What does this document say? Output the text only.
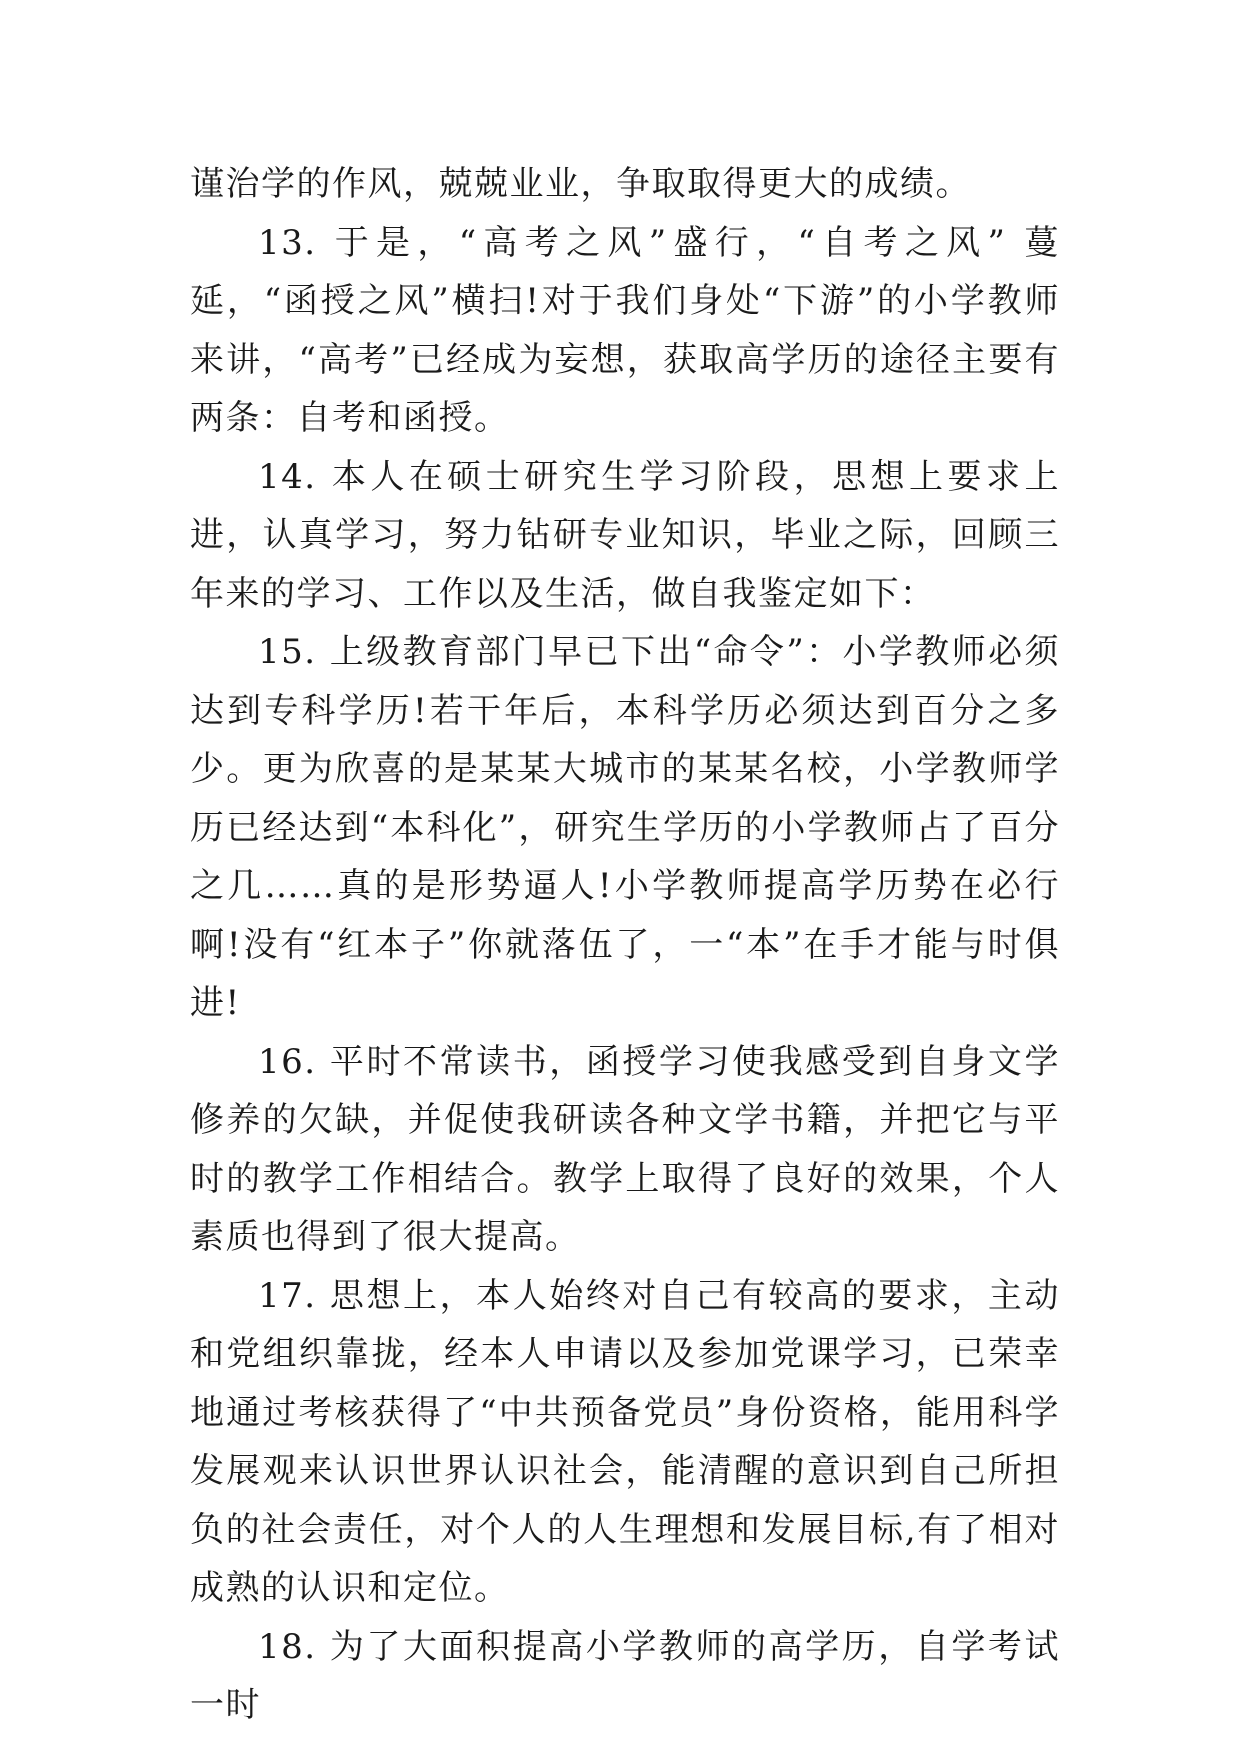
谨治学的作风，兢兢业业，争取取得更大的成绩。

13. 于是，“高考之风”盛行，“自考之风” 蔓延，“函授之风”横扫!对于我们身处“下游”的小学教师来讲，“高考”已经成为妄想，获取高学历的途径主要有两条：自考和函授。

14. 本人在硕士研究生学习阶段，思想上要求上进，认真学习，努力钻研专业知识，毕业之际，回顾三年来的学习、工作以及生活，做自我鉴定如下：

15. 上级教育部门早已下出“命令”：小学教师必须达到专科学历!若干年后，本科学历必须达到百分之多少。更为欣喜的是某某大城市的某某名校，小学教师学历已经达到“本科化”，研究生学历的小学教师占了百分之几……真的是形势逼人!小学教师提高学历势在必行啊!没有“红本子”你就落伍了，一“本”在手才能与时俱进!

16. 平时不常读书，函授学习使我感受到自身文学修养的欠缺，并促使我研读各种文学书籍，并把它与平时的教学工作相结合。教学上取得了良好的效果，个人素质也得到了很大提高。

17. 思想上，本人始终对自己有较高的要求，主动和党组织靠拢，经本人申请以及参加党课学习，已荣幸地通过考核获得了“中共预备党员”身份资格，能用科学发展观来认识世界认识社会，能清醒的意识到自己所担负的社会责任，对个人的人生理想和发展目标,有了相对成熟的认识和定位。

18. 为了大面积提高小学教师的高学历，自学考试一时
